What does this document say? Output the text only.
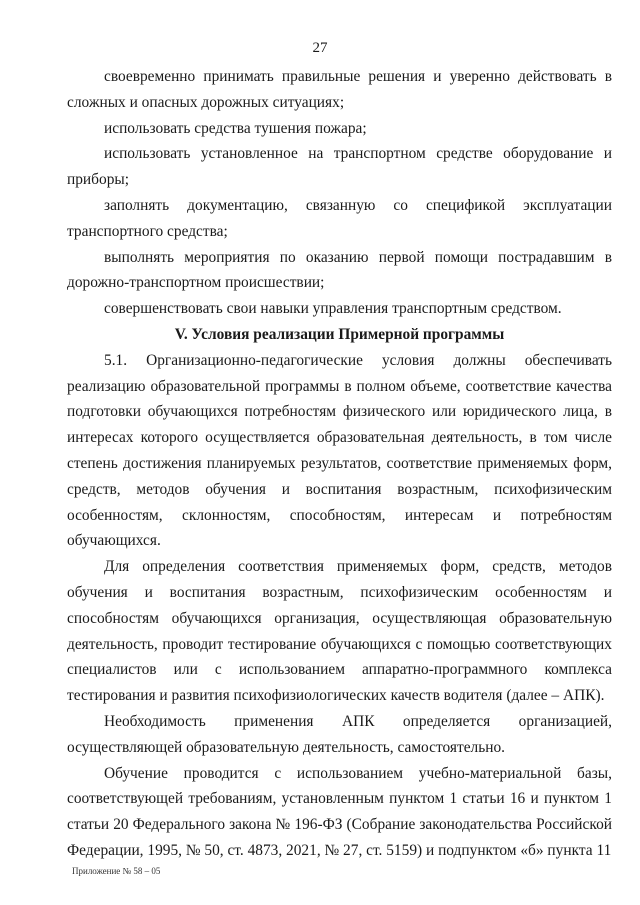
27

своевременно принимать правильные решения и уверенно действовать в сложных и опасных дорожных ситуациях;

использовать средства тушения пожара;

использовать установленное на транспортном средстве оборудование и приборы;

заполнять документацию, связанную со спецификой эксплуатации транспортного средства;

выполнять мероприятия по оказанию первой помощи пострадавшим в дорожно-транспортном происшествии;

совершенствовать свои навыки управления транспортным средством.

V. Условия реализации Примерной программы

5.1. Организационно-педагогические условия должны обеспечивать реализацию образовательной программы в полном объеме, соответствие качества подготовки обучающихся потребностям физического или юридического лица, в интересах которого осуществляется образовательная деятельность, в том числе степень достижения планируемых результатов, соответствие применяемых форм, средств, методов обучения и воспитания возрастным, психофизическим особенностям, склонностям, способностям, интересам и потребностям обучающихся.

Для определения соответствия применяемых форм, средств, методов обучения и воспитания возрастным, психофизическим особенностям и способностям обучающихся организация, осуществляющая образовательную деятельность, проводит тестирование обучающихся с помощью соответствующих специалистов или с использованием аппаратно-программного комплекса тестирования и развития психофизиологических качеств водителя (далее – АПК).

Необходимость применения АПК определяется организацией, осуществляющей образовательную деятельность, самостоятельно.

Обучение проводится с использованием учебно-материальной базы, соответствующей требованиям, установленным пунктом 1 статьи 16 и пунктом 1 статьи 20 Федерального закона № 196-ФЗ (Собрание законодательства Российской Федерации, 1995, № 50, ст. 4873, 2021, № 27, ст. 5159) и подпунктом «б» пункта 11

Приложение № 58 – 05
